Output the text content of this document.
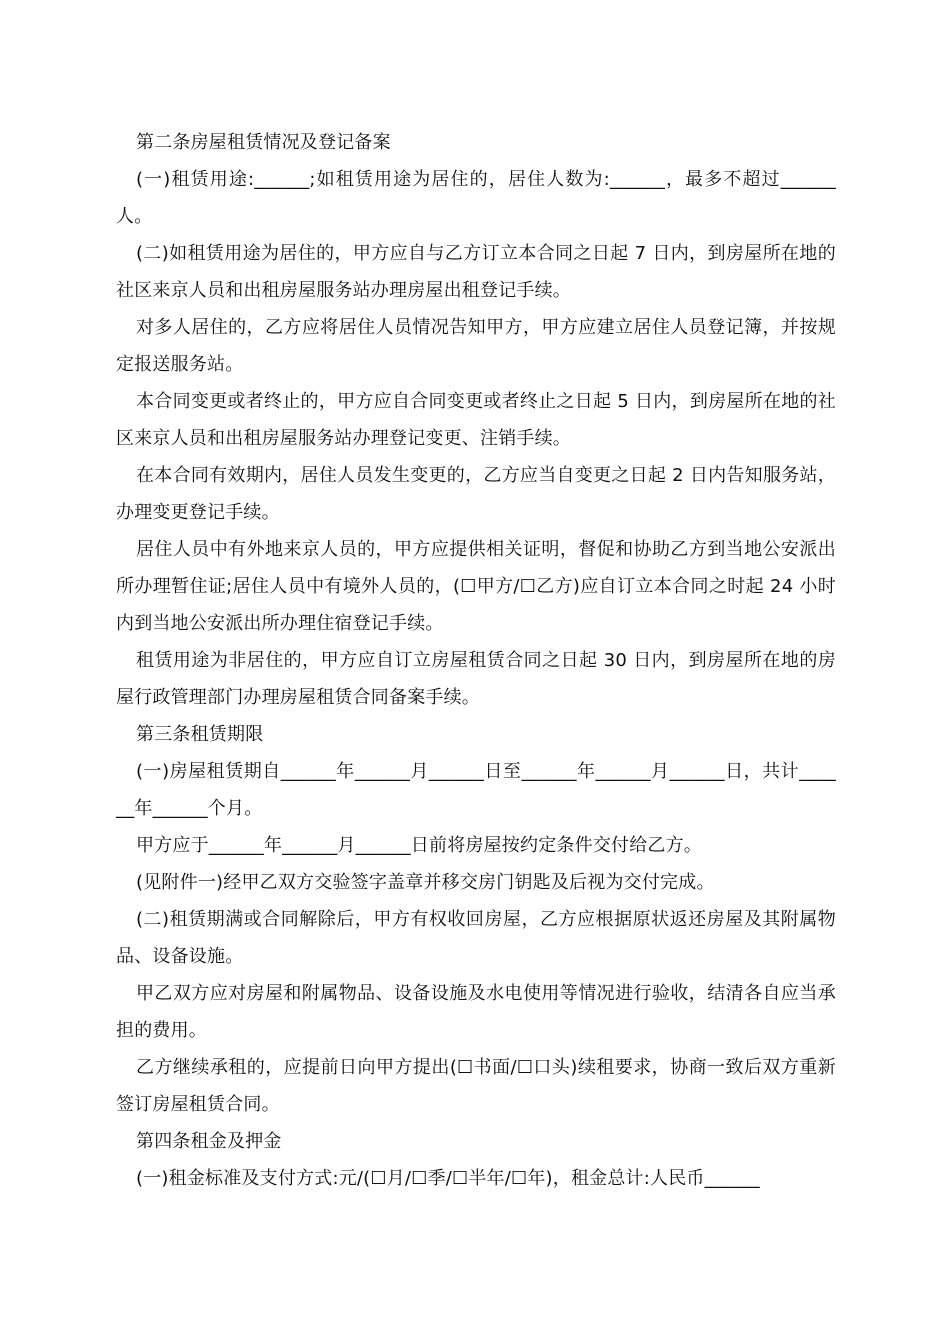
第二条房屋租赁情况及登记备案

(一)租赁用途:______;如租赁用途为居住的，居住人数为:______，最多不超过______人。

(二)如租赁用途为居住的，甲方应自与乙方订立本合同之日起 7 日内，到房屋所在地的社区来京人员和出租房屋服务站办理房屋出租登记手续。

对多人居住的，乙方应将居住人员情况告知甲方，甲方应建立居住人员登记簿，并按规定报送服务站。

本合同变更或者终止的，甲方应自合同变更或者终止之日起 5 日内，到房屋所在地的社区来京人员和出租房屋服务站办理登记变更、注销手续。

在本合同有效期内，居住人员发生变更的，乙方应当自变更之日起 2 日内告知服务站，办理变更登记手续。

居住人员中有外地来京人员的，甲方应提供相关证明，督促和协助乙方到当地公安派出所办理暂住证;居住人员中有境外人员的，(☐甲方/☐乙方)应自订立本合同之时起 24 小时内到当地公安派出所办理住宿登记手续。

租赁用途为非居住的，甲方应自订立房屋租赁合同之日起 30 日内，到房屋所在地的房屋行政管理部门办理房屋租赁合同备案手续。

第三条租赁期限

(一)房屋租赁期自______年______月______日至______年______月______日，共计______年______个月。

甲方应于______年______月______日前将房屋按约定条件交付给乙方。

(见附件一)经甲乙双方交验签字盖章并移交房门钥匙及后视为交付完成。

(二)租赁期满或合同解除后，甲方有权收回房屋，乙方应根据原状返还房屋及其附属物品、设备设施。

甲乙双方应对房屋和附属物品、设备设施及水电使用等情况进行验收，结清各自应当承担的费用。

乙方继续承租的，应提前日向甲方提出(☐书面/☐口头)续租要求，协商一致后双方重新签订房屋租赁合同。

第四条租金及押金

(一)租金标准及支付方式:元/(☐月/☐季/☐半年/☐年)，租金总计:人民币______
